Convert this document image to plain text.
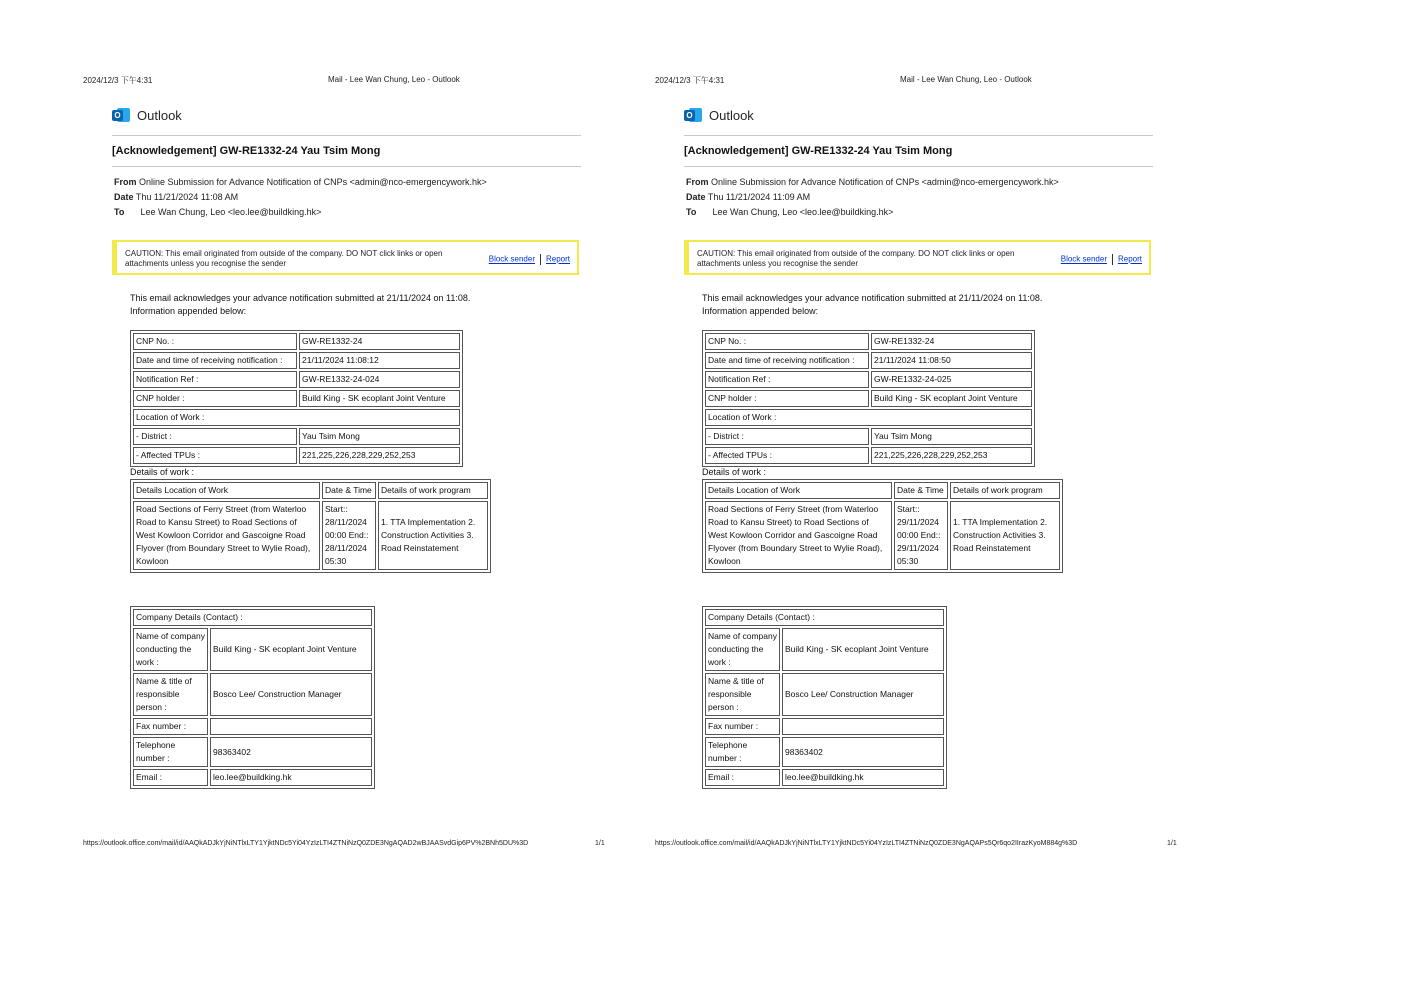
2024/12/3 下午4:31	Mail - Lee Wan Chung, Leo - Outlook
O Outlook
[Acknowledgement] GW-RE1332-24 Yau Tsim Mong
From Online Submission for Advance Notification of CNPs <admin@nco-emergencywork.hk>
Date Thu 11/21/2024 11:08 AM
To Lee Wan Chung, Leo <leo.lee@buildking.hk>
CAUTION: This email originated from outside of the company. DO NOT click links or open attachments unless you recognise the sender	Block sender Report
This email acknowledges your advance notification submitted at 21/11/2024 on 11:08.
Information appended below:
CNP No. :	GW-RE1332-24
Date and time of receiving notification :	21/11/2024 11:08:12
Notification Ref :	GW-RE1332-24-024
CNP holder :	Build King - SK ecoplant Joint Venture
Location of Work :	
- District :	Yau Tsim Mong
- Affected TPUs :	221,225,226,228,229,252,253
Details of work :
Details Location of Work	Date & Time	Details of work program
Road Sections of Ferry Street (from Waterloo Road to Kansu Street) to Road Sections of West Kowloon Corridor and Gascoigne Road Flyover (from Boundary Street to Wylie Road), Kowloon	Start:: 28/11/2024 00:00 End:: 28/11/2024 05:30	1. TTA Implementation 2. Construction Activities 3. Road Reinstatement
Company Details (Contact) :	
Name of company conducting the work :	Build King - SK ecoplant Joint Venture
Name & title of responsible person :	Bosco Lee/ Construction Manager
Fax number :	
Telephone number :	98363402
Email :	leo.lee@buildking.hk
https://outlook.office.com/mail/id/AAQkADJkYjNiNTlxLTY1YjktNDc5Yi04YzIzLTI4ZTNiNzQ0ZDE3NgAQAD2wBJAASvdGip6PV%2BNh5DU%3D	1/1
2024/12/3 下午4:31	Mail - Lee Wan Chung, Leo - Outlook
O Outlook
[Acknowledgement] GW-RE1332-24 Yau Tsim Mong
From Online Submission for Advance Notification of CNPs <admin@nco-emergencywork.hk>
Date Thu 11/21/2024 11:09 AM
To Lee Wan Chung, Leo <leo.lee@buildking.hk>
CAUTION: This email originated from outside of the company. DO NOT click links or open attachments unless you recognise the sender	Block sender Report
This email acknowledges your advance notification submitted at 21/11/2024 on 11:08.
Information appended below:
CNP No. :	GW-RE1332-24
Date and time of receiving notification :	21/11/2024 11:08:50
Notification Ref :	GW-RE1332-24-025
CNP holder :	Build King - SK ecoplant Joint Venture
Location of Work :	
- District :	Yau Tsim Mong
- Affected TPUs :	221,225,226,228,229,252,253
Details of work :
Details Location of Work	Date & Time	Details of work program
Road Sections of Ferry Street (from Waterloo Road to Kansu Street) to Road Sections of West Kowloon Corridor and Gascoigne Road Flyover (from Boundary Street to Wylie Road), Kowloon	Start:: 29/11/2024 00:00 End:: 29/11/2024 05:30	1. TTA Implementation 2. Construction Activities 3. Road Reinstatement
Company Details (Contact) :	
Name of company conducting the work :	Build King - SK ecoplant Joint Venture
Name & title of responsible person :	Bosco Lee/ Construction Manager
Fax number :	
Telephone number :	98363402
Email :	leo.lee@buildking.hk
https://outlook.office.com/mail/id/AAQkADJkYjNiNTlxLTY1YjktNDc5Yi04YzIzLTI4ZTNiNzQ0ZDE3NgAQAPs5Qr6qo2IIrazKyoM884g%3D	1/1
